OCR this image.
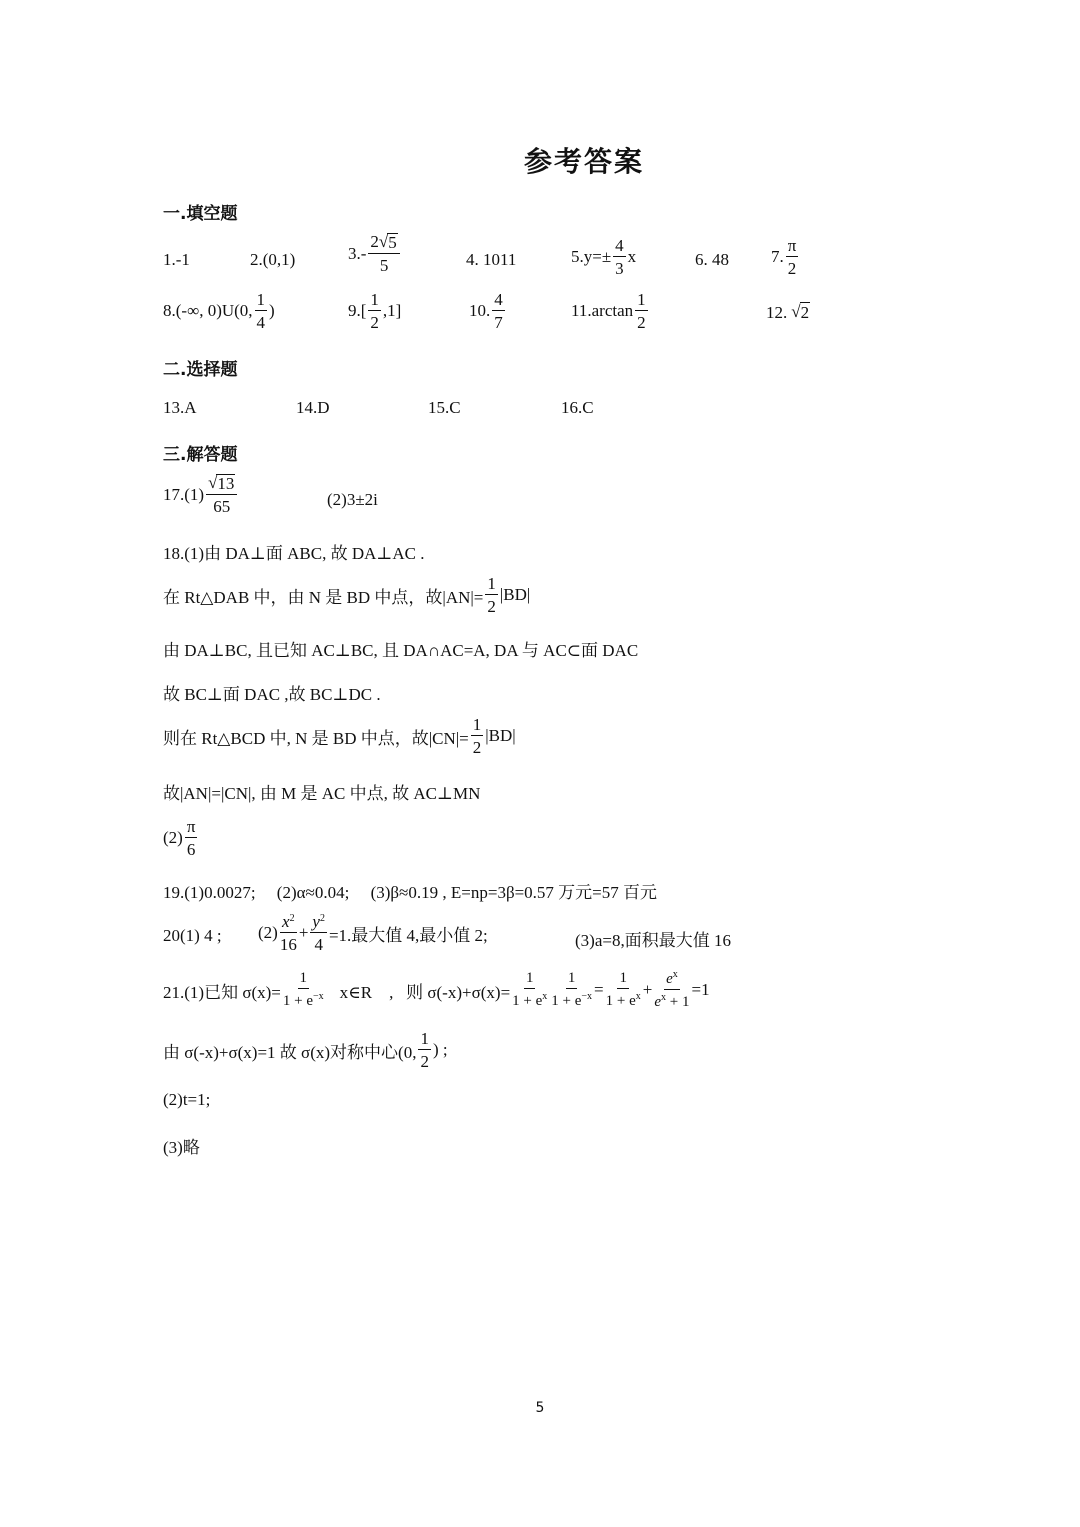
参考答案
一.填空题
1.-1	2.(0,1)	$3.- \frac{2 √ 5}{5}$	4. 1011	$5.y=\pm \frac{4}{3}$ x	6. 48 7. $\frac{\pi}{2}$
8.(-∞, 0)U(0, $\frac{1}{4}$ )	$9.[ \frac{1}{2} ,1]$	10. $\frac{4}{7}$	$11.\arctan \frac{1}{2}$	12. √ 2
二.选择题
13.A	14.D	15.C	16.C
三.解答题
$17.(1) \frac{√ 13}{65}$	(2)3±2i
18.(1)由 DA⊥面 ABC, 故 DA⊥AC .
在 Rt△DAB 中，由 N 是 BD 中点，故$|AN|= \frac{1}{2} |BD|$
由 DA⊥BC, 且已知 AC⊥BC, 且 DA∩AC=A, DA 与 AC⊂面 DAC
故 BC⊥面 DAC ,故 BC⊥DC .
则在 Rt△BCD 中, N 是 BD 中点，故$|CN|= \frac{1}{2} |BD|$
故|AN|=|CN|, 由 M 是 AC 中点, 故 AC⊥MN
$(2) \frac{\pi}{6}$
19.(1)0.0027;     (2)α≈0.04;     (3)β≈0.19 , E=np=3β=0.57 万元=57 百元
20(1) 4 ; $(2) \frac{x^2}{16} + \frac{y^2}{4} =1$.最大值 4,最小值 2;	(3)a=8,面积最大值 16
21.(1)已知 $\sigma(x)= \frac{1}{1 + e^{-x}}$ x∈R    ,   则 $\sigma(-x)+\sigma(x)= \frac{1}{1 + e^x} \frac{1}{1 + e^{-x}} = \frac{1}{1 + e^x} + \frac{e^x}{e^x + 1} =1$
由 σ(-x)+σ(x)=1 故 σ(x)对称中心(0, $\frac{1}{2}$ ) ;
(2)t=1;
(3)略
5
